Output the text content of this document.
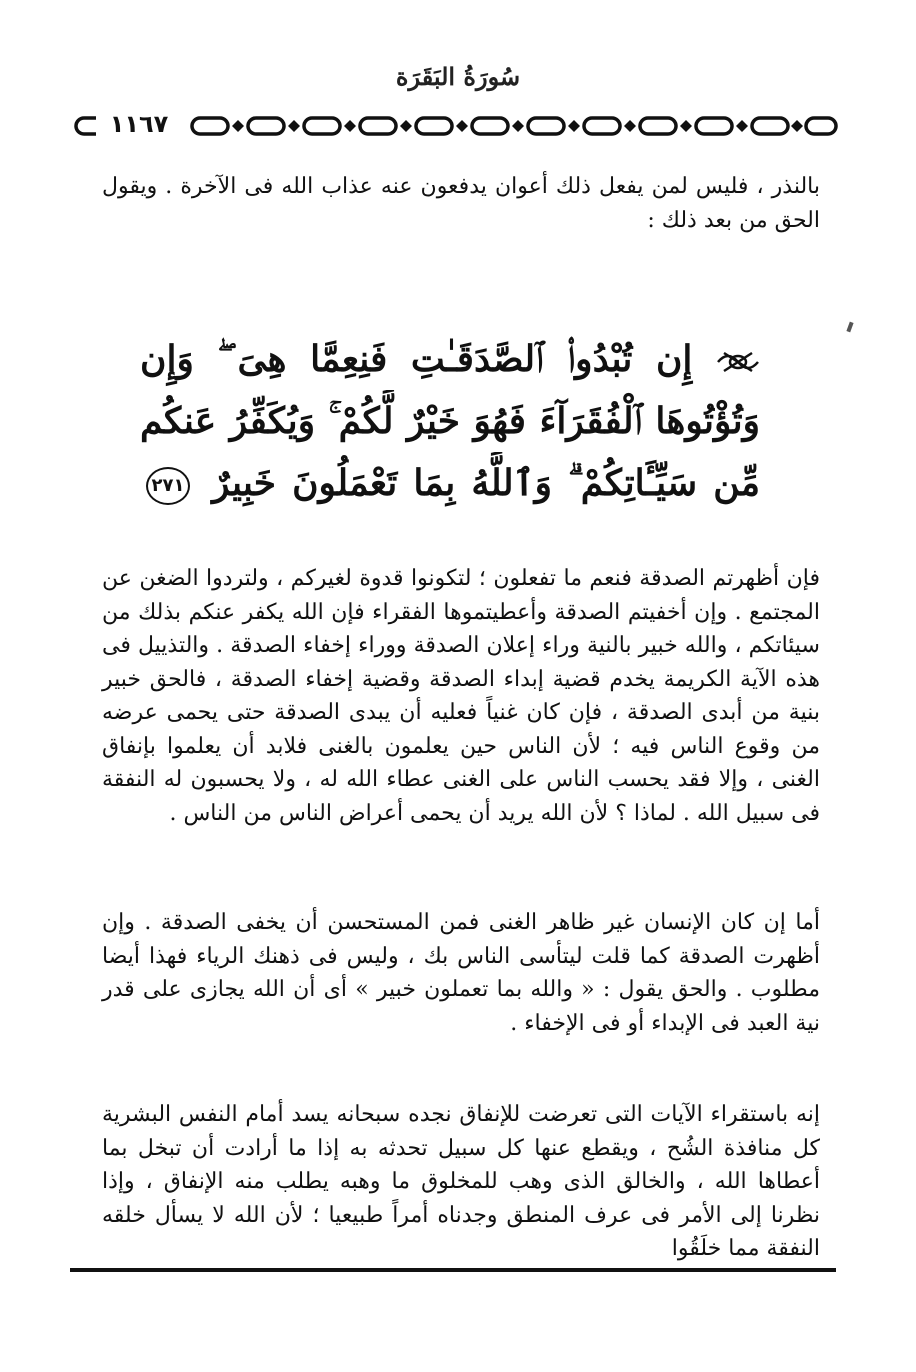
سُورَةُ البَقَرَة
١١٦٧

بالنذر ، فليس لمن يفعل ذلك أعوان يدفعون عنه عذاب الله فى الآخرة . ويقول الحق من بعد ذلك :

إِن تُبْدُوا۟ ٱلصَّدَقَـٰتِ فَنِعِمَّا هِىَ ۖ وَإِن
وَتُؤْتُوهَا ٱلْفُقَرَآءَ فَهُوَ خَيْرٌ لَّكُمْ ۚ وَيُكَفِّرُ عَنكُم
مِّن سَيِّـَٔاتِكُمْ ۗ وَٱللَّهُ بِمَا تَعْمَلُونَ خَبِيرٌ ٢٧١

فإن أظهرتم الصدقة فنعم ما تفعلون ؛ لتكونوا قدوة لغيركم ، ولتردوا الضغن عن المجتمع . وإن أخفيتم الصدقة وأعطيتموها الفقراء فإن الله يكفر عنكم بذلك من سيئاتكم ، والله خبير بالنية وراء إعلان الصدقة ووراء إخفاء الصدقة . والتذييل فى هذه الآية الكريمة يخدم قضية إبداء الصدقة وقضية إخفاء الصدقة ، فالحق خبير بنية من أبدى الصدقة ، فإن كان غنياً فعليه أن يبدى الصدقة حتى يحمى عرضه من وقوع الناس فيه ؛ لأن الناس حين يعلمون بالغنى فلابد أن يعلموا بإنفاق الغنى ، وإلا فقد يحسب الناس على الغنى عطاء الله له ، ولا يحسبون له النفقة فى سبيل الله . لماذا ؟ لأن الله يريد أن يحمى أعراض الناس من الناس .

أما إن كان الإنسان غير ظاهر الغنى فمن المستحسن أن يخفى الصدقة . وإن أظهرت الصدقة كما قلت ليتأسى الناس بك ، وليس فى ذهنك الرياء فهذا أيضا مطلوب . والحق يقول : « والله بما تعملون خبير » أى أن الله يجازى على قدر نية العبد فى الإبداء أو فى الإخفاء .

إنه باستقراء الآيات التى تعرضت للإنفاق نجده سبحانه يسد أمام النفس البشرية كل منافذة الشُح ، ويقطع عنها كل سبيل تحدثه به إذا ما أرادت أن تبخل بما أعطاها الله ، والخالق الذى وهب للمخلوق ما وهبه يطلب منه الإنفاق ، وإذا نظرنا إلى الأمر فى عرف المنطق وجدناه أمراً طبيعيا ؛ لأن الله لا يسأل خلقه النفقة مما خلَقُوا
